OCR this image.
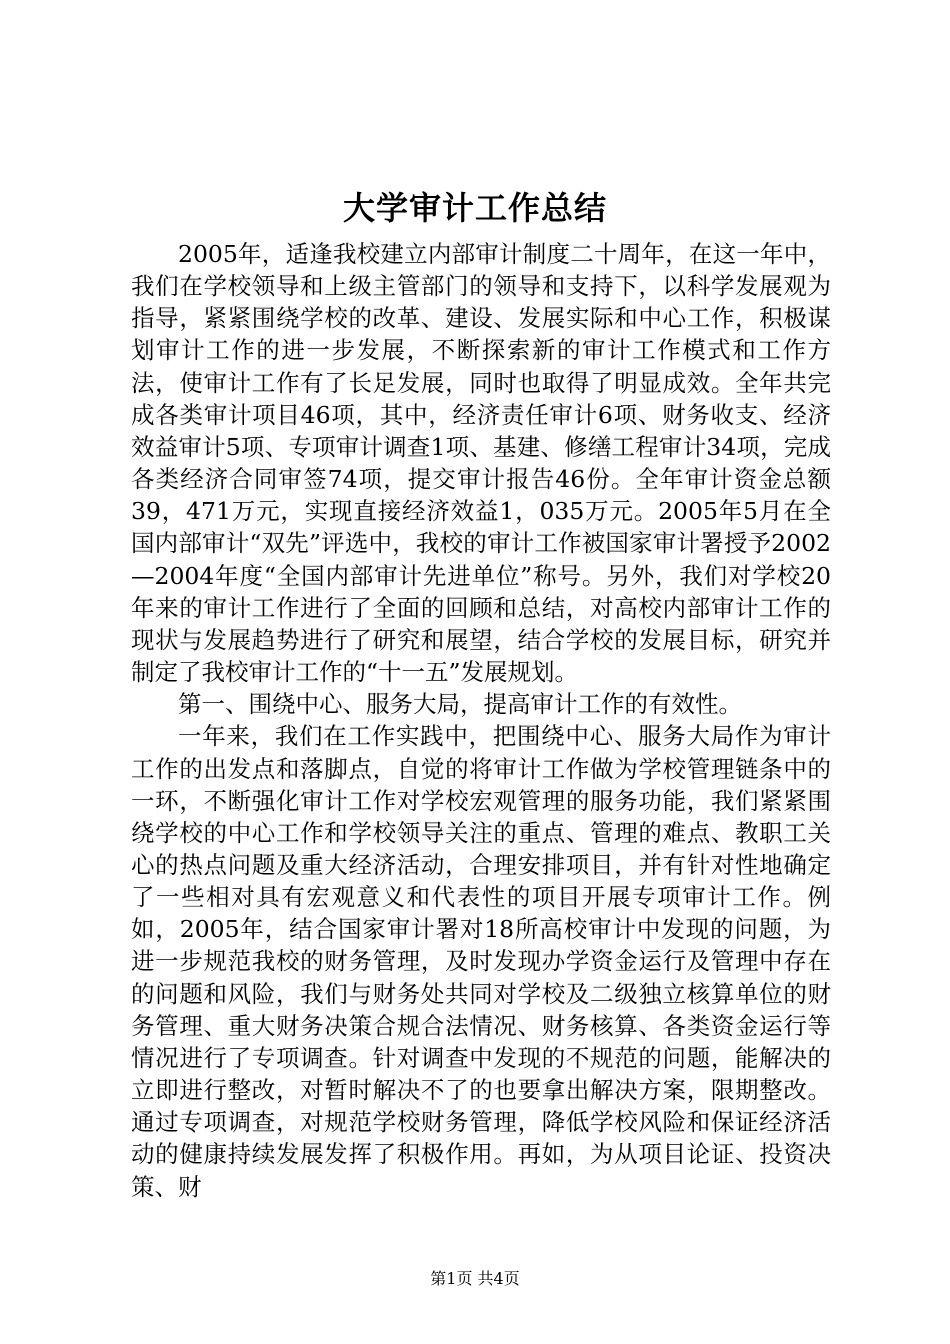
大学审计工作总结

2005年，适逢我校建立内部审计制度二十周年，在这一年中，我们在学校领导和上级主管部门的领导和支持下，以科学发展观为指导，紧紧围绕学校的改革、建设、发展实际和中心工作，积极谋划审计工作的进一步发展，不断探索新的审计工作模式和工作方法，使审计工作有了长足发展，同时也取得了明显成效。全年共完成各类审计项目46项，其中，经济责任审计6项、财务收支、经济效益审计5项、专项审计调查1项、基建、修缮工程审计34项，完成各类经济合同审签74项，提交审计报告46份。全年审计资金总额39，471万元，实现直接经济效益1，035万元。2005年5月在全国内部审计“双先”评选中，我校的审计工作被国家审计署授予2002—2004年度“全国内部审计先进单位”称号。另外，我们对学校20年来的审计工作进行了全面的回顾和总结，对高校内部审计工作的现状与发展趋势进行了研究和展望，结合学校的发展目标，研究并制定了我校审计工作的“十一五”发展规划。

第一、围绕中心、服务大局，提高审计工作的有效性。

一年来，我们在工作实践中，把围绕中心、服务大局作为审计工作的出发点和落脚点，自觉的将审计工作做为学校管理链条中的一环，不断强化审计工作对学校宏观管理的服务功能，我们紧紧围绕学校的中心工作和学校领导关注的重点、管理的难点、教职工关心的热点问题及重大经济活动，合理安排项目，并有针对性地确定了一些相对具有宏观意义和代表性的项目开展专项审计工作。例如，2005年，结合国家审计署对18所高校审计中发现的问题，为进一步规范我校的财务管理，及时发现办学资金运行及管理中存在的问题和风险，我们与财务处共同对学校及二级独立核算单位的财务管理、重大财务决策合规合法情况、财务核算、各类资金运行等情况进行了专项调查。针对调查中发现的不规范的问题，能解决的立即进行整改，对暂时解决不了的也要拿出解决方案，限期整改。通过专项调查，对规范学校财务管理，降低学校风险和保证经济活动的健康持续发展发挥了积极作用。再如，为从项目论证、投资决策、财

第1页 共4页
